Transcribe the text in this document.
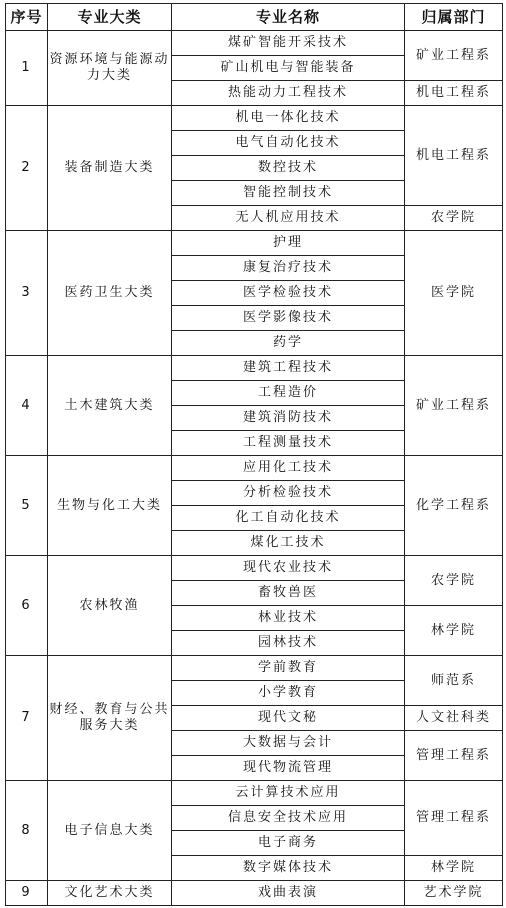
序号	专业大类	专业名称	归属部门
1	资源环境与能源动力大类	煤矿智能开采技术	矿业工程系
		矿山机电与智能装备	
		热能动力工程技术	机电工程系
2	装备制造大类	机电一体化技术	机电工程系
		电气自动化技术	
		数控技术	
		智能控制技术	
		无人机应用技术	农学院
3	医药卫生大类	护理	医学院
		康复治疗技术	
		医学检验技术	
		医学影像技术	
		药学	
4	土木建筑大类	建筑工程技术	矿业工程系
		工程造价	
		建筑消防技术	
		工程测量技术	
5	生物与化工大类	应用化工技术	化学工程系
		分析检验技术	
		化工自动化技术	
		煤化工技术	
6	农林牧渔	现代农业技术	农学院
		畜牧兽医	
		林业技术	林学院
		园林技术	
7	财经、教育与公共服务大类	学前教育	师范系
		小学教育	
		现代文秘	人文社科类
		大数据与会计	管理工程系
		现代物流管理	
8	电子信息大类	云计算技术应用	管理工程系
		信息安全技术应用	
		电子商务	
		数字媒体技术	林学院
9	文化艺术大类	戏曲表演	艺术学院
